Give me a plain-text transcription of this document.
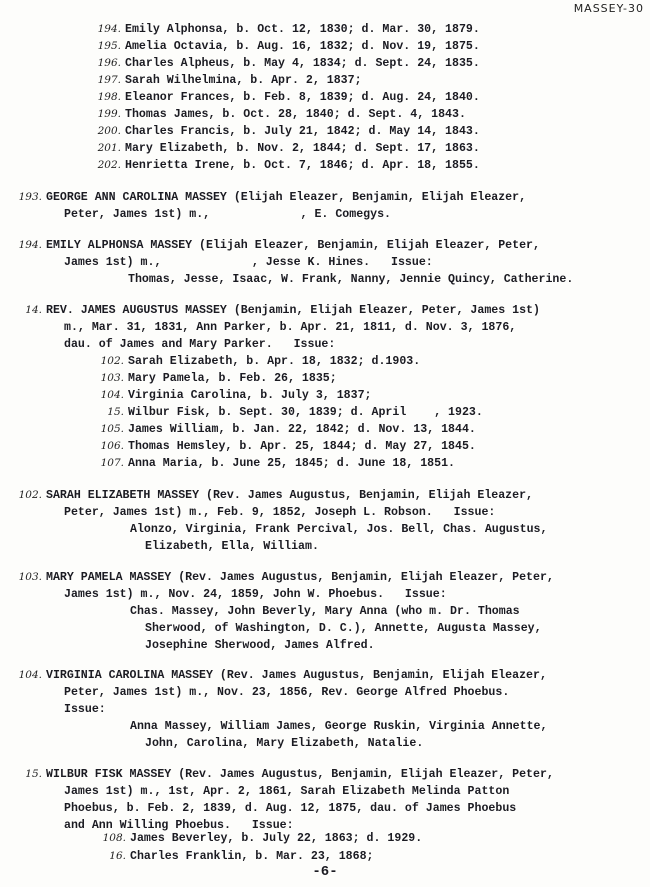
MASSEY-30
Emily Alphonsa, b. Oct. 12, 1830; d. Mar. 30, 1879.
194.
Amelia Octavia, b. Aug. 16, 1832; d. Nov. 19, 1875.
195.
Charles Alpheus, b. May 4, 1834; d. Sept. 24, 1835.
196.
Sarah Wilhelmina, b. Apr. 2, 1837;
197.
Eleanor Frances, b. Feb. 8, 1839; d. Aug. 24, 1840.
198.
Thomas James, b. Oct. 28, 1840; d. Sept. 4, 1843.
199.
Charles Francis, b. July 21, 1842; d. May 14, 1843.
200.
Mary Elizabeth, b. Nov. 2, 1844; d. Sept. 17, 1863.
201.
Henrietta Irene, b. Oct. 7, 1846; d. Apr. 18, 1855.
202.
GEORGE ANN CAROLINA MASSEY (Elijah Eleazer, Benjamin, Elijah Eleazer,
193.
Peter, James 1st) m.,             , E. Comegys.
EMILY ALPHONSA MASSEY (Elijah Eleazer, Benjamin, Elijah Eleazer, Peter,
194.
James 1st) m.,             , Jesse K. Hines.   Issue:
Thomas, Jesse, Isaac, W. Frank, Nanny, Jennie Quincy, Catherine.
REV. JAMES AUGUSTUS MASSEY (Benjamin, Elijah Eleazer, Peter, James 1st)
14.
m., Mar. 31, 1831, Ann Parker, b. Apr. 21, 1811, d. Nov. 3, 1876,
dau. of James and Mary Parker.   Issue:
Sarah Elizabeth, b. Apr. 18, 1832; d.1903.
102.
Mary Pamela, b. Feb. 26, 1835;
103.
Virginia Carolina, b. July 3, 1837;
104.
Wilbur Fisk, b. Sept. 30, 1839; d. April    , 1923.
15.
James William, b. Jan. 22, 1842; d. Nov. 13, 1844.
105.
Thomas Hemsley, b. Apr. 25, 1844; d. May 27, 1845.
106.
Anna Maria, b. June 25, 1845; d. June 18, 1851.
107.
SARAH ELIZABETH MASSEY (Rev. James Augustus, Benjamin, Elijah Eleazer,
102.
Peter, James 1st) m., Feb. 9, 1852, Joseph L. Robson.   Issue:
Alonzo, Virginia, Frank Percival, Jos. Bell, Chas. Augustus,
Elizabeth, Ella, William.
MARY PAMELA MASSEY (Rev. James Augustus, Benjamin, Elijah Eleazer, Peter,
103.
James 1st) m., Nov. 24, 1859, John W. Phoebus.   Issue:
Chas. Massey, John Beverly, Mary Anna (who m. Dr. Thomas
Sherwood, of Washington, D. C.), Annette, Augusta Massey,
Josephine Sherwood, James Alfred.
VIRGINIA CAROLINA MASSEY (Rev. James Augustus, Benjamin, Elijah Eleazer,
104.
Peter, James 1st) m., Nov. 23, 1856, Rev. George Alfred Phoebus.
Issue:
Anna Massey, William James, George Ruskin, Virginia Annette,
John, Carolina, Mary Elizabeth, Natalie.
WILBUR FISK MASSEY (Rev. James Augustus, Benjamin, Elijah Eleazer, Peter,
15.
James 1st) m., 1st, Apr. 2, 1861, Sarah Elizabeth Melinda Patton
Phoebus, b. Feb. 2, 1839, d. Aug. 12, 1875, dau. of James Phoebus
and Ann Willing Phoebus.   Issue:
James Beverley, b. July 22, 1863; d. 1929.
108.
Charles Franklin, b. Mar. 23, 1868;
16.
-6-
